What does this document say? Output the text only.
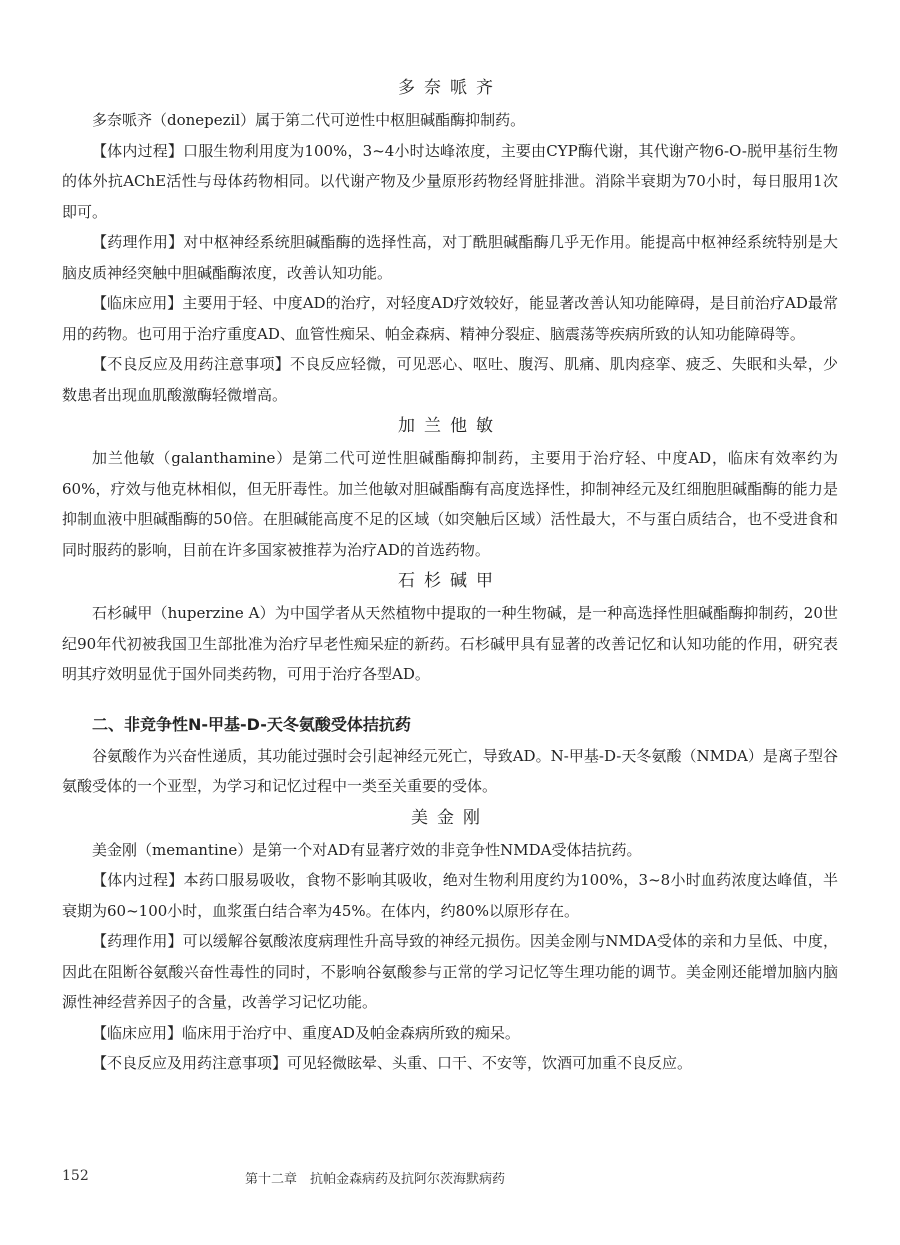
多奈哌齐

多奈哌齐（donepezil）属于第二代可逆性中枢胆碱酯酶抑制药。

【体内过程】口服生物利用度为100%，3~4小时达峰浓度，主要由CYP酶代谢，其代谢产物6-O-脱甲基衍生物的体外抗AChE活性与母体药物相同。以代谢产物及少量原形药物经肾脏排泄。消除半衰期为70小时，每日服用1次即可。

【药理作用】对中枢神经系统胆碱酯酶的选择性高，对丁酰胆碱酯酶几乎无作用。能提高中枢神经系统特别是大脑皮质神经突触中胆碱酯酶浓度，改善认知功能。

【临床应用】主要用于轻、中度AD的治疗，对轻度AD疗效较好，能显著改善认知功能障碍，是目前治疗AD最常用的药物。也可用于治疗重度AD、血管性痴呆、帕金森病、精神分裂症、脑震荡等疾病所致的认知功能障碍等。

【不良反应及用药注意事项】不良反应轻微，可见恶心、呕吐、腹泻、肌痛、肌肉痉挛、疲乏、失眠和头晕，少数患者出现血肌酸激酶轻微增高。

加兰他敏

加兰他敏（galanthamine）是第二代可逆性胆碱酯酶抑制药，主要用于治疗轻、中度AD，临床有效率约为60%，疗效与他克林相似，但无肝毒性。加兰他敏对胆碱酯酶有高度选择性，抑制神经元及红细胞胆碱酯酶的能力是抑制血液中胆碱酯酶的50倍。在胆碱能高度不足的区域（如突触后区域）活性最大，不与蛋白质结合，也不受进食和同时服药的影响，目前在许多国家被推荐为治疗AD的首选药物。

石杉碱甲

石杉碱甲（huperzine A）为中国学者从天然植物中提取的一种生物碱，是一种高选择性胆碱酯酶抑制药，20世纪90年代初被我国卫生部批准为治疗早老性痴呆症的新药。石杉碱甲具有显著的改善记忆和认知功能的作用，研究表明其疗效明显优于国外同类药物，可用于治疗各型AD。

二、非竞争性N-甲基-D-天冬氨酸受体拮抗药

谷氨酸作为兴奋性递质，其功能过强时会引起神经元死亡，导致AD。N-甲基-D-天冬氨酸（NMDA）是离子型谷氨酸受体的一个亚型，为学习和记忆过程中一类至关重要的受体。

美金刚

美金刚（memantine）是第一个对AD有显著疗效的非竞争性NMDA受体拮抗药。

【体内过程】本药口服易吸收，食物不影响其吸收，绝对生物利用度约为100%，3~8小时血药浓度达峰值，半衰期为60~100小时，血浆蛋白结合率为45%。在体内，约80%以原形存在。

【药理作用】可以缓解谷氨酸浓度病理性升高导致的神经元损伤。因美金刚与NMDA受体的亲和力呈低、中度，因此在阻断谷氨酸兴奋性毒性的同时，不影响谷氨酸参与正常的学习记忆等生理功能的调节。美金刚还能增加脑内脑源性神经营养因子的含量，改善学习记忆功能。

【临床应用】临床用于治疗中、重度AD及帕金森病所致的痴呆。

【不良反应及用药注意事项】可见轻微眩晕、头重、口干、不安等，饮酒可加重不良反应。

152	第十二章　抗帕金森病药及抗阿尔茨海默病药
